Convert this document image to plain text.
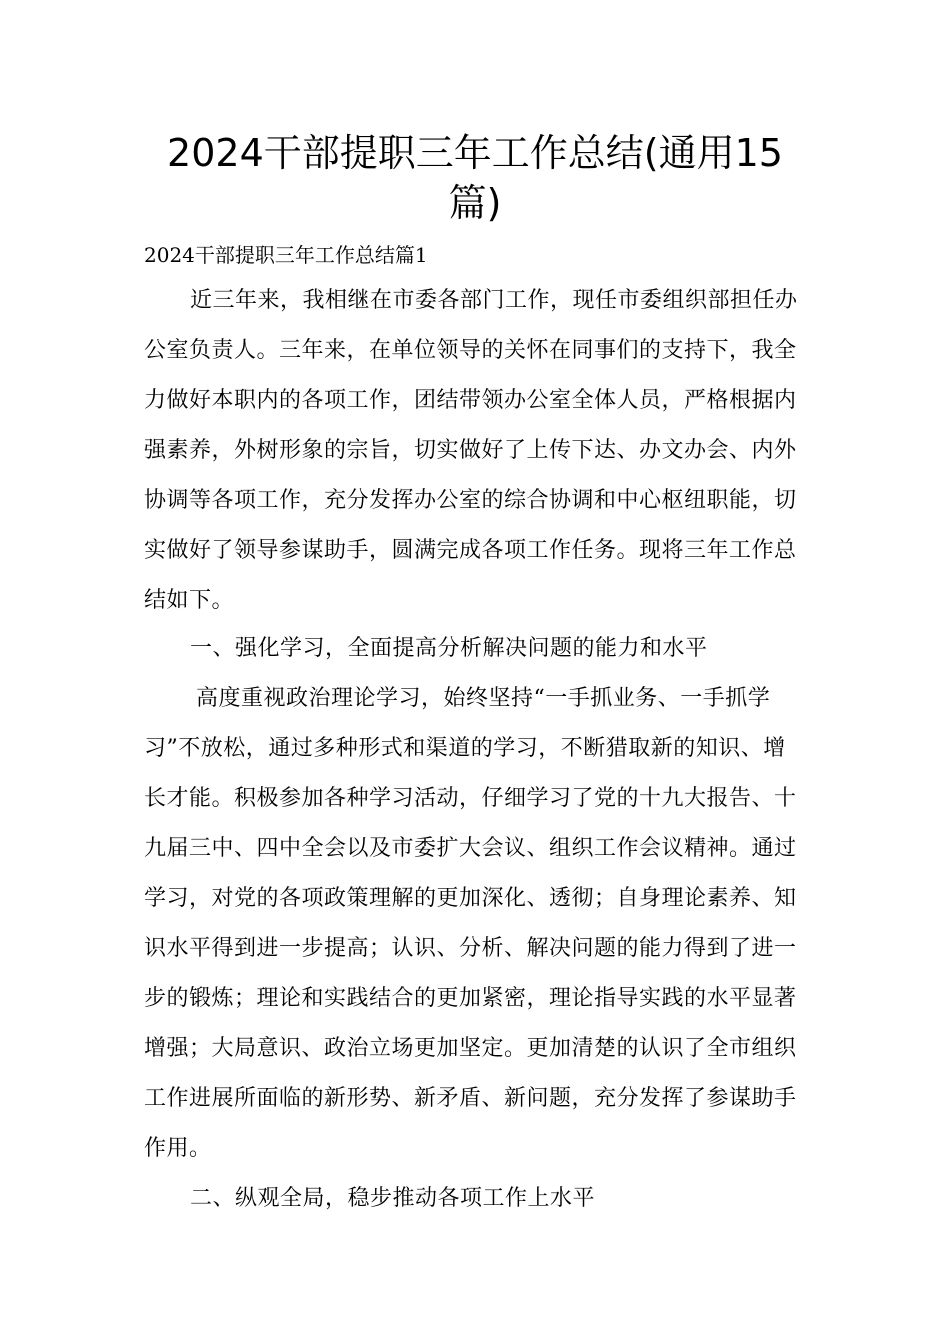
2024干部提职三年工作总结(通用15
篇)
2024干部提职三年工作总结篇1
近三年来，我相继在市委各部门工作，现任市委组织部担任办
公室负责人。三年来，在单位领导的关怀在同事们的支持下，我全
力做好本职内的各项工作，团结带领办公室全体人员，严格根据内
强素养，外树形象的宗旨，切实做好了上传下达、办文办会、内外
协调等各项工作，充分发挥办公室的综合协调和中心枢纽职能，切
实做好了领导参谋助手，圆满完成各项工作任务。现将三年工作总
结如下。
一、强化学习，全面提高分析解决问题的能力和水平
高度重视政治理论学习，始终坚持“一手抓业务、一手抓学
习”不放松，通过多种形式和渠道的学习，不断猎取新的知识、增
长才能。积极参加各种学习活动，仔细学习了党的十九大报告、十
九届三中、四中全会以及市委扩大会议、组织工作会议精神。通过
学习，对党的各项政策理解的更加深化、透彻；自身理论素养、知
识水平得到进一步提高；认识、分析、解决问题的能力得到了进一
步的锻炼；理论和实践结合的更加紧密，理论指导实践的水平显著
增强；大局意识、政治立场更加坚定。更加清楚的认识了全市组织
工作进展所面临的新形势、新矛盾、新问题，充分发挥了参谋助手
作用。
二、纵观全局，稳步推动各项工作上水平
